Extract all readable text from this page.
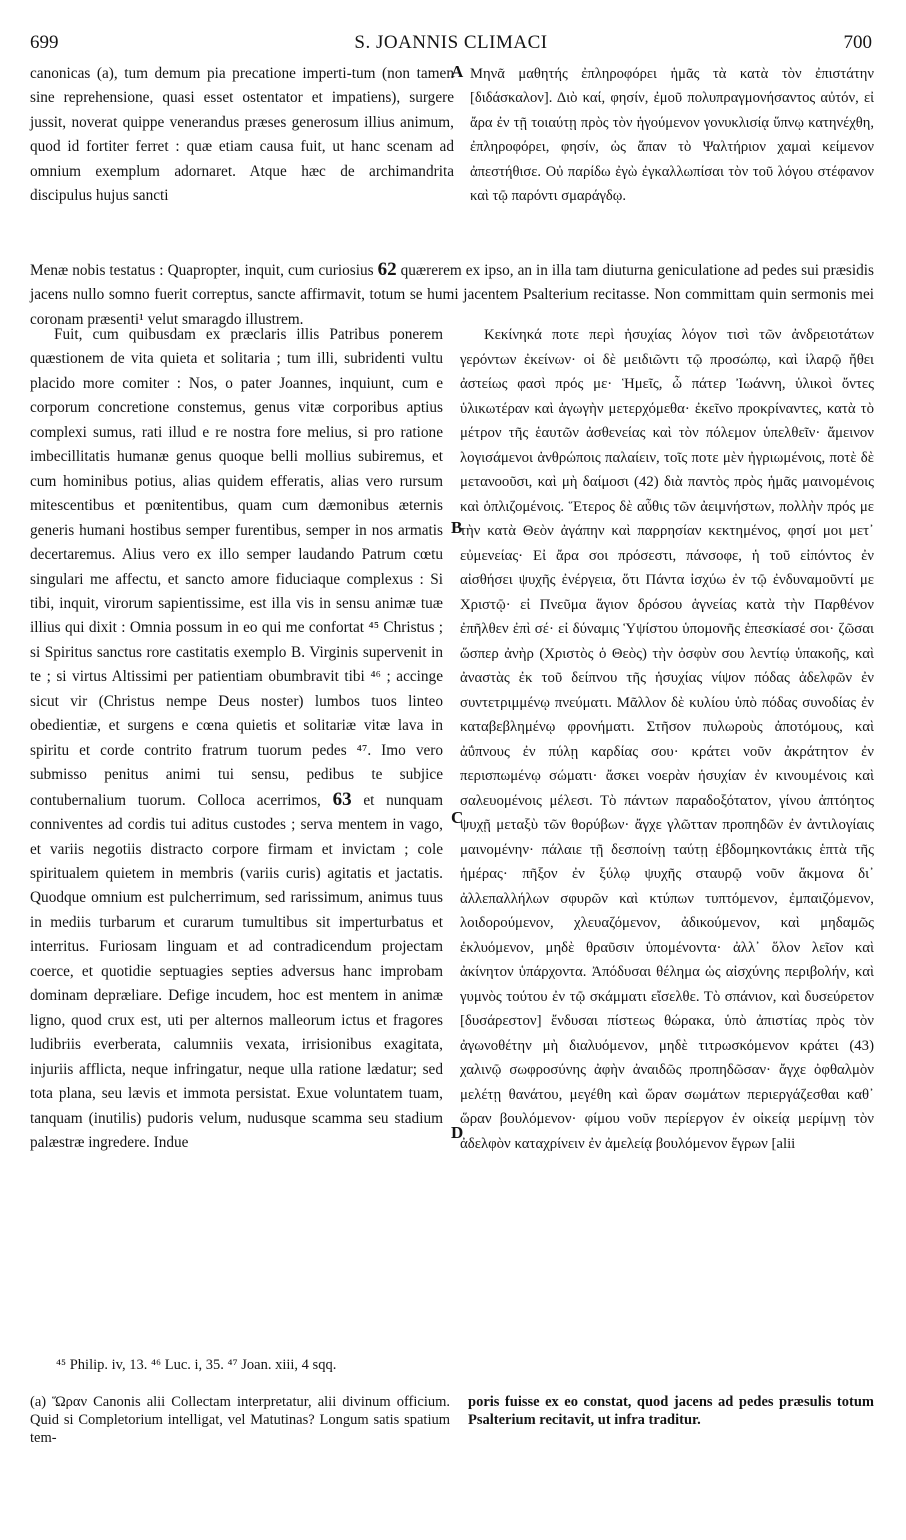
699	S. JOANNIS CLIMACI	700

canonicas (a), tum demum pia precatione imperti-tum (non tamen sine reprehensione, quasi esset ostentator et impatiens), surgere jussit, noverat quippe venerandus præses generosum illius animum, quod id fortiter ferret : quæ etiam causa fuit, ut hanc scenam ad omnium exemplum adornaret. Atque hæc de archimandrita discipulus hujus sancti

A Μηνᾶ μαθητής ἐπληροφόρει ἡμᾶς τὰ κατὰ τὸν ἐπιστάτην [διδάσκαλον]. Διὸ καί, φησίν, ἐμοῦ πολυπραγμονήσαντος αὐτόν, εἰ ἄρα ἐν τῇ τοιαύτῃ πρὸς τὸν ἡγούμενον γονυκλισίᾳ ὕπνῳ κατηνέχθη, ἐπληροφόρει, φησίν, ὡς ἅπαν τὸ Ψαλτήριον χαμαὶ κείμενον ἀπεστήθισε. Οὐ παρίδω ἐγὼ ἐγκαλλωπίσαι τὸν τοῦ λόγου στέφανον καὶ τῷ παρόντι σμαράγδῳ.

Menæ nobis testatus : Quapropter, inquit, cum curiosius 62 quærerem ex ipso, an in illa tam diuturna geniculatione ad pedes sui præsidis jacens nullo somno fuerit correptus, sancte affirmavit, totum se humi jacentem Psalterium recitasse. Non committam quin sermonis mei coronam præsenti¹ velut smaragdo illustrem.

Fuit, cum quibusdam ex præclaris illis Patribus ponerem quæstionem de vita quieta et solitaria ; tum illi, subridenti vultu placido more comiter : Nos, o pater Joannes, inquiunt, cum e corporum concretione constemus, genus vitæ corporibus aptius complexi sumus, rati illud e re nostra fore melius, si pro ratione imbecillitatis humanæ genus quoque belli mollius subiremus, et cum hominibus potius, alias quidem efferatis, alias vero rursum mitescentibus et pœnitentibus, quam cum dæmonibus æternis generis humani hostibus semper furentibus, semper in nos armatis decertaremus. Alius vero ex illo semper laudando Patrum cœtu singulari me affectu, et sancto amore fiduciaque complexus : Si tibi, inquit, virorum sapientissime, est illa vis in sensu animæ tuæ illius qui dixit : Omnia possum in eo qui me confortat ⁴⁵ Christus ; si Spiritus sanctus rore castitatis exemplo B. Virginis supervenit in te ; si virtus Altissimi per patientiam obumbravit tibi ⁴⁶ ; accinge sicut vir (Christus nempe Deus noster) lumbos tuos linteo obedientiæ, et surgens e cœna quietis et solitariæ vitæ lava in spiritu et corde contrito fratrum tuorum pedes ⁴⁷. Imo vero submisso penitus animi tui sensu, pedibus te subjice contubernalium tuorum. Colloca acerrimos, 63 et nunquam conniventes ad cordis tui aditus custodes ; serva mentem in vago, et variis negotiis distracto corpore firmam et invictam ; cole spiritualem quietem in membris (variis curis) agitatis et jactatis. Quodque omnium est pulcherrimum, sed rarissimum, animus tuus in mediis turbarum et curarum tumultibus sit imperturbatus et interritus. Furiosam linguam et ad contradicendum projectam coerce, et quotidie septuagies septies adversus hanc improbam dominam depræliare. Defige incudem, hoc est mentem in animæ ligno, quod crux est, uti per alternos malleorum ictus et fragores ludibriis everberata, calumniis vexata, irrisionibus exagitata, injuriis afflicta, neque infringatur, neque ulla ratione lædatur; sed tota plana, seu lævis et immota persistat. Exue voluntatem tuam, tanquam (inutilis) pudoris velum, nudusque scamma seu stadium palæstræ ingredere. Indue

B
C
D

Κεκίνηκά ποτε περὶ ἡσυχίας λόγον τισὶ τῶν ἀνδρειοτάτων γερόντων ἐκείνων· οἱ δὲ μειδιῶντι τῷ προσώπῳ, καὶ ἱλαρῷ ἤθει ἀστείως φασὶ πρός με· Ἡμεῖς, ὦ πάτερ Ἰωάννη, ὑλικοὶ ὄντες ὑλικωτέραν καὶ ἀγωγὴν μετερχόμεθα· ἐκεῖνο προκρίναντες, κατὰ τὸ μέτρον τῆς ἑαυτῶν ἀσθενείας καὶ τὸν πόλεμον ὑπελθεῖν· ἄμεινον λογισάμενοι ἀνθρώποις παλαίειν, τοῖς ποτε μὲν ἠγριωμένοις, ποτὲ δὲ μετανοοῦσι, καὶ μὴ δαίμοσι (42) διὰ παντὸς πρὸς ἡμᾶς μαινομένοις καὶ ὁπλιζομένοις. Ἕτερος δὲ αὖθις τῶν ἀειμνήστων, πολλὴν πρός με τὴν κατὰ Θεὸν ἀγάπην καὶ παρρησίαν κεκτημένος, φησί μοι μετ᾽ εὐμενείας· Εἰ ἄρα σοι πρόσεστι, πάνσοφε, ἡ τοῦ εἰπόντος ἐν αἰσθήσει ψυχῆς ἐνέργεια, ὅτι Πάντα ἰσχύω ἐν τῷ ἐνδυναμοῦντί με Χριστῷ· εἰ Πνεῦμα ἅγιον δρόσου ἁγνείας κατὰ τὴν Παρθένον ἐπῆλθεν ἐπὶ σέ· εἰ δύναμις Ὑψίστου ὑπομονῆς ἐπεσκίασέ σοι· ζῶσαι ὥσπερ ἀνὴρ (Χριστὸς ὁ Θεὸς) τὴν ὀσφὺν σου λεντίῳ ὑπακοῆς, καὶ ἀναστὰς ἐκ τοῦ δείπνου τῆς ἡσυχίας νίψον πόδας ἀδελφῶν ἐν συντετριμμένῳ πνεύματι. Μᾶλλον δὲ κυλίου ὑπὸ πόδας συνοδίας ἐν καταβεβλημένῳ φρονήματι. Στῆσον πυλωροὺς ἀποτόμους, καὶ ἀΰπνους ἐν πύλῃ καρδίας σου· κράτει νοῦν ἀκράτητον ἐν περισπωμένῳ σώματι· ἄσκει νοερὰν ἡσυχίαν ἐν κινουμένοις καὶ σαλευομένοις μέλεσι. Τὸ πάντων παραδοξότατον, γίνου ἀπτόητος ψυχῇ μεταξὺ τῶν θορύβων· ἄγχε γλῶτταν προπηδῶν ἐν ἀντιλογίαις μαινομένην· πάλαιε τῇ δεσποίνῃ ταύτῃ ἑβδομηκοντάκις ἑπτὰ τῆς ἡμέρας· πῆξον ἐν ξύλῳ ψυχῆς σταυρῷ νοῦν ἄκμονα δι᾽ ἀλλεπαλλήλων σφυρῶν καὶ κτύπων τυπτόμενον, ἐμπαιζόμενον, λοιδορούμενον, χλευαζόμενον, ἀδικούμενον, καὶ μηδαμῶς ἐκλυόμενον, μηδὲ θραῦσιν ὑπομένοντα· ἀλλ᾽ ὅλον λεῖον καὶ ἀκίνητον ὑπάρχοντα. Ἀπόδυσαι θέλημα ὡς αἰσχύνης περιβολήν, καὶ γυμνὸς τούτου ἐν τῷ σκάμματι εἴσελθε. Τὸ σπάνιον, καὶ δυσεύρετον [δυσάρεστον] ἔνδυσαι πίστεως θώρακα, ὑπὸ ἀπιστίας πρὸς τὸν ἀγωνοθέτην μὴ διαλυόμενον, μηδὲ τιτρωσκόμενον κράτει (43) χαλινῷ σωφροσύνης ἀφὴν ἀναιδῶς προπηδῶσαν· ἄγχε ὀφθαλμὸν μελέτῃ θανάτου, μεγέθη καὶ ὥραν σωμάτων περιεργάζεσθαι καθ᾽ ὥραν βουλόμενον· φίμου νοῦν περίεργον ἐν οἰκείᾳ μερίμνῃ τὸν ἀδελφὸν καταχρίνειν ἐν ἀμελείᾳ βουλόμενον ἔγρων [alii

⁴⁵ Philip. iv, 13. ⁴⁶ Luc. i, 35. ⁴⁷ Joan. xiii, 4 sqq.
(a) Ὥραν Canonis alii Collectam interpretatur, alii divinum officium. Quid si Completorium intelligat, vel Matutinas? Longum satis spatium tem-
poris fuisse ex eo constat, quod jacens ad pedes præsulis totum Psalterium recitavit, ut infra traditur.
